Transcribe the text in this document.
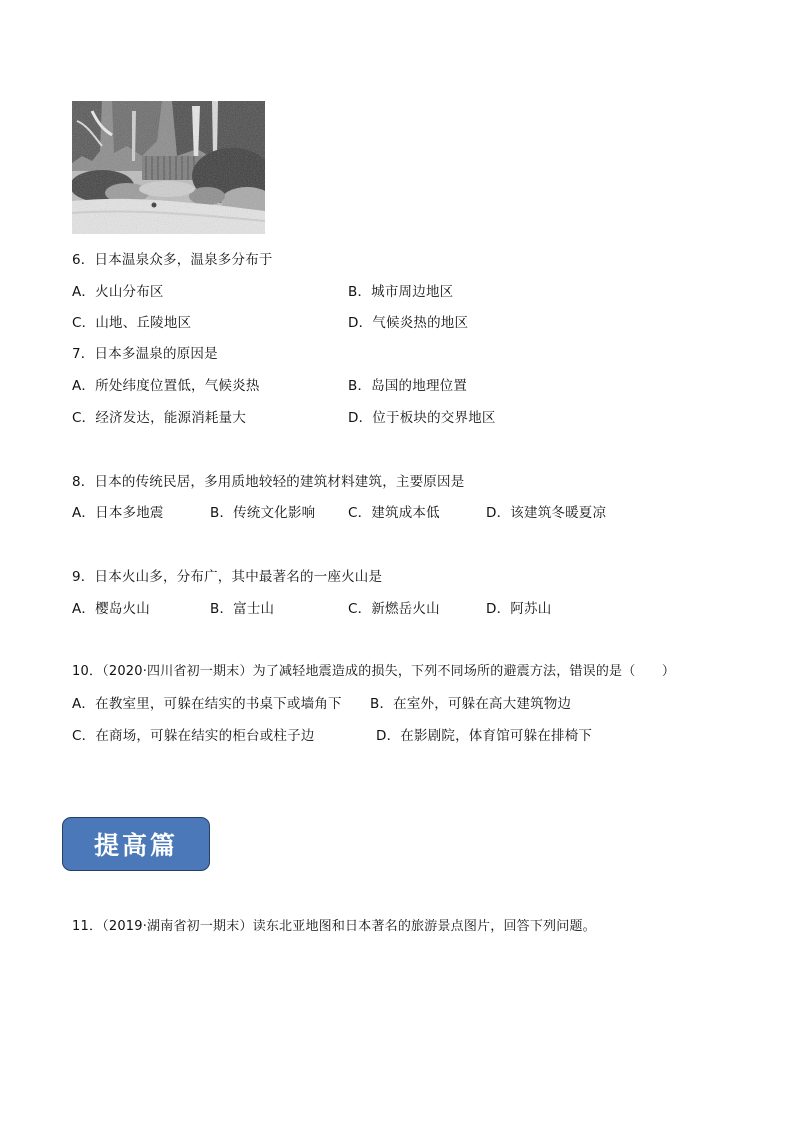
6．日本温泉众多，温泉多分布于
A．火山分布区	B．城市周边地区
C．山地、丘陵地区	D．气候炎热的地区
7．日本多温泉的原因是
A．所处纬度位置低，气候炎热	B．岛国的地理位置
C．经济发达，能源消耗量大	D．位于板块的交界地区
8．日本的传统民居，多用质地较轻的建筑材料建筑，主要原因是
A．日本多地震	B．传统文化影响 C．建筑成本低	D．该建筑冬暖夏凉
9．日本火山多，分布广，其中最著名的一座火山是
A．樱岛火山	B．富士山	C．新燃岳火山	D．阿苏山
10．（2020·四川省初一期末）为了减轻地震造成的损失，下列不同场所的避震方法，错误的是（　　）
A．在教室里，可躲在结实的书桌下或墙角下 B．在室外，可躲在高大建筑物边
C．在商场，可躲在结实的柜台或柱子边	D．在影剧院，体育馆可躲在排椅下
提高篇
11．（2019·湖南省初一期末）读东北亚地图和日本著名的旅游景点图片，回答下列问题。
